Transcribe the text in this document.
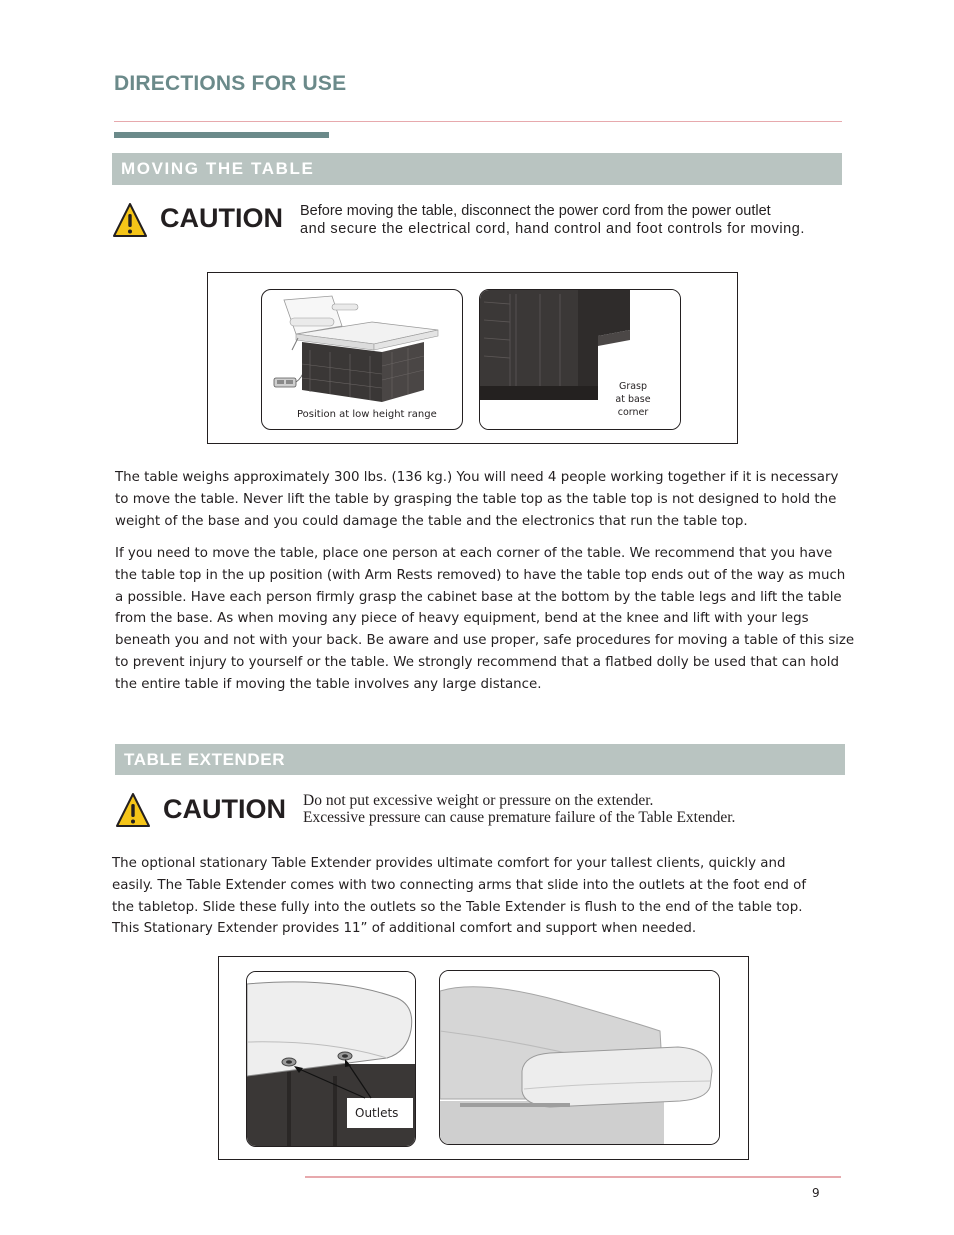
DIRECTIONS FOR USE
MOVING THE TABLE
CAUTION Before moving the table, disconnect the power cord from the power outlet
and secure the electrical cord, hand control and foot controls for moving.
Position at low height range
Grasp
at base
corner
The table weighs approximately 300 lbs. (136 kg.) You will need 4 people working together if it is necessary to move the table. Never lift the table by grasping the table top as the table top is not designed to hold the weight of the base and you could damage the table and the electronics that run the table top.
If you need to move the table, place one person at each corner of the table. We recommend that you have the table top in the up position (with Arm Rests removed) to have the table top ends out of the way as much a possible. Have each person firmly grasp the cabinet base at the bottom by the table legs and lift the table from the base. As when moving any piece of heavy equipment, bend at the knee and lift with your legs beneath you and not with your back. Be aware and use proper, safe procedures for moving a table of this size to prevent injury to yourself or the table. We strongly recommend that a flatbed dolly be used that can hold the entire table if moving the table involves any large distance.
TABLE EXTENDER
CAUTION Do not put excessive weight or pressure on the extender.
Excessive pressure can cause premature failure of the Table Extender.
The optional stationary Table Extender provides ultimate comfort for your tallest clients, quickly and easily. The Table Extender comes with two connecting arms that slide into the outlets at the foot end of the tabletop. Slide these fully into the outlets so the Table Extender is flush to the end of the table top. This Stationary Extender provides 11” of additional comfort and support when needed.
Outlets
9
